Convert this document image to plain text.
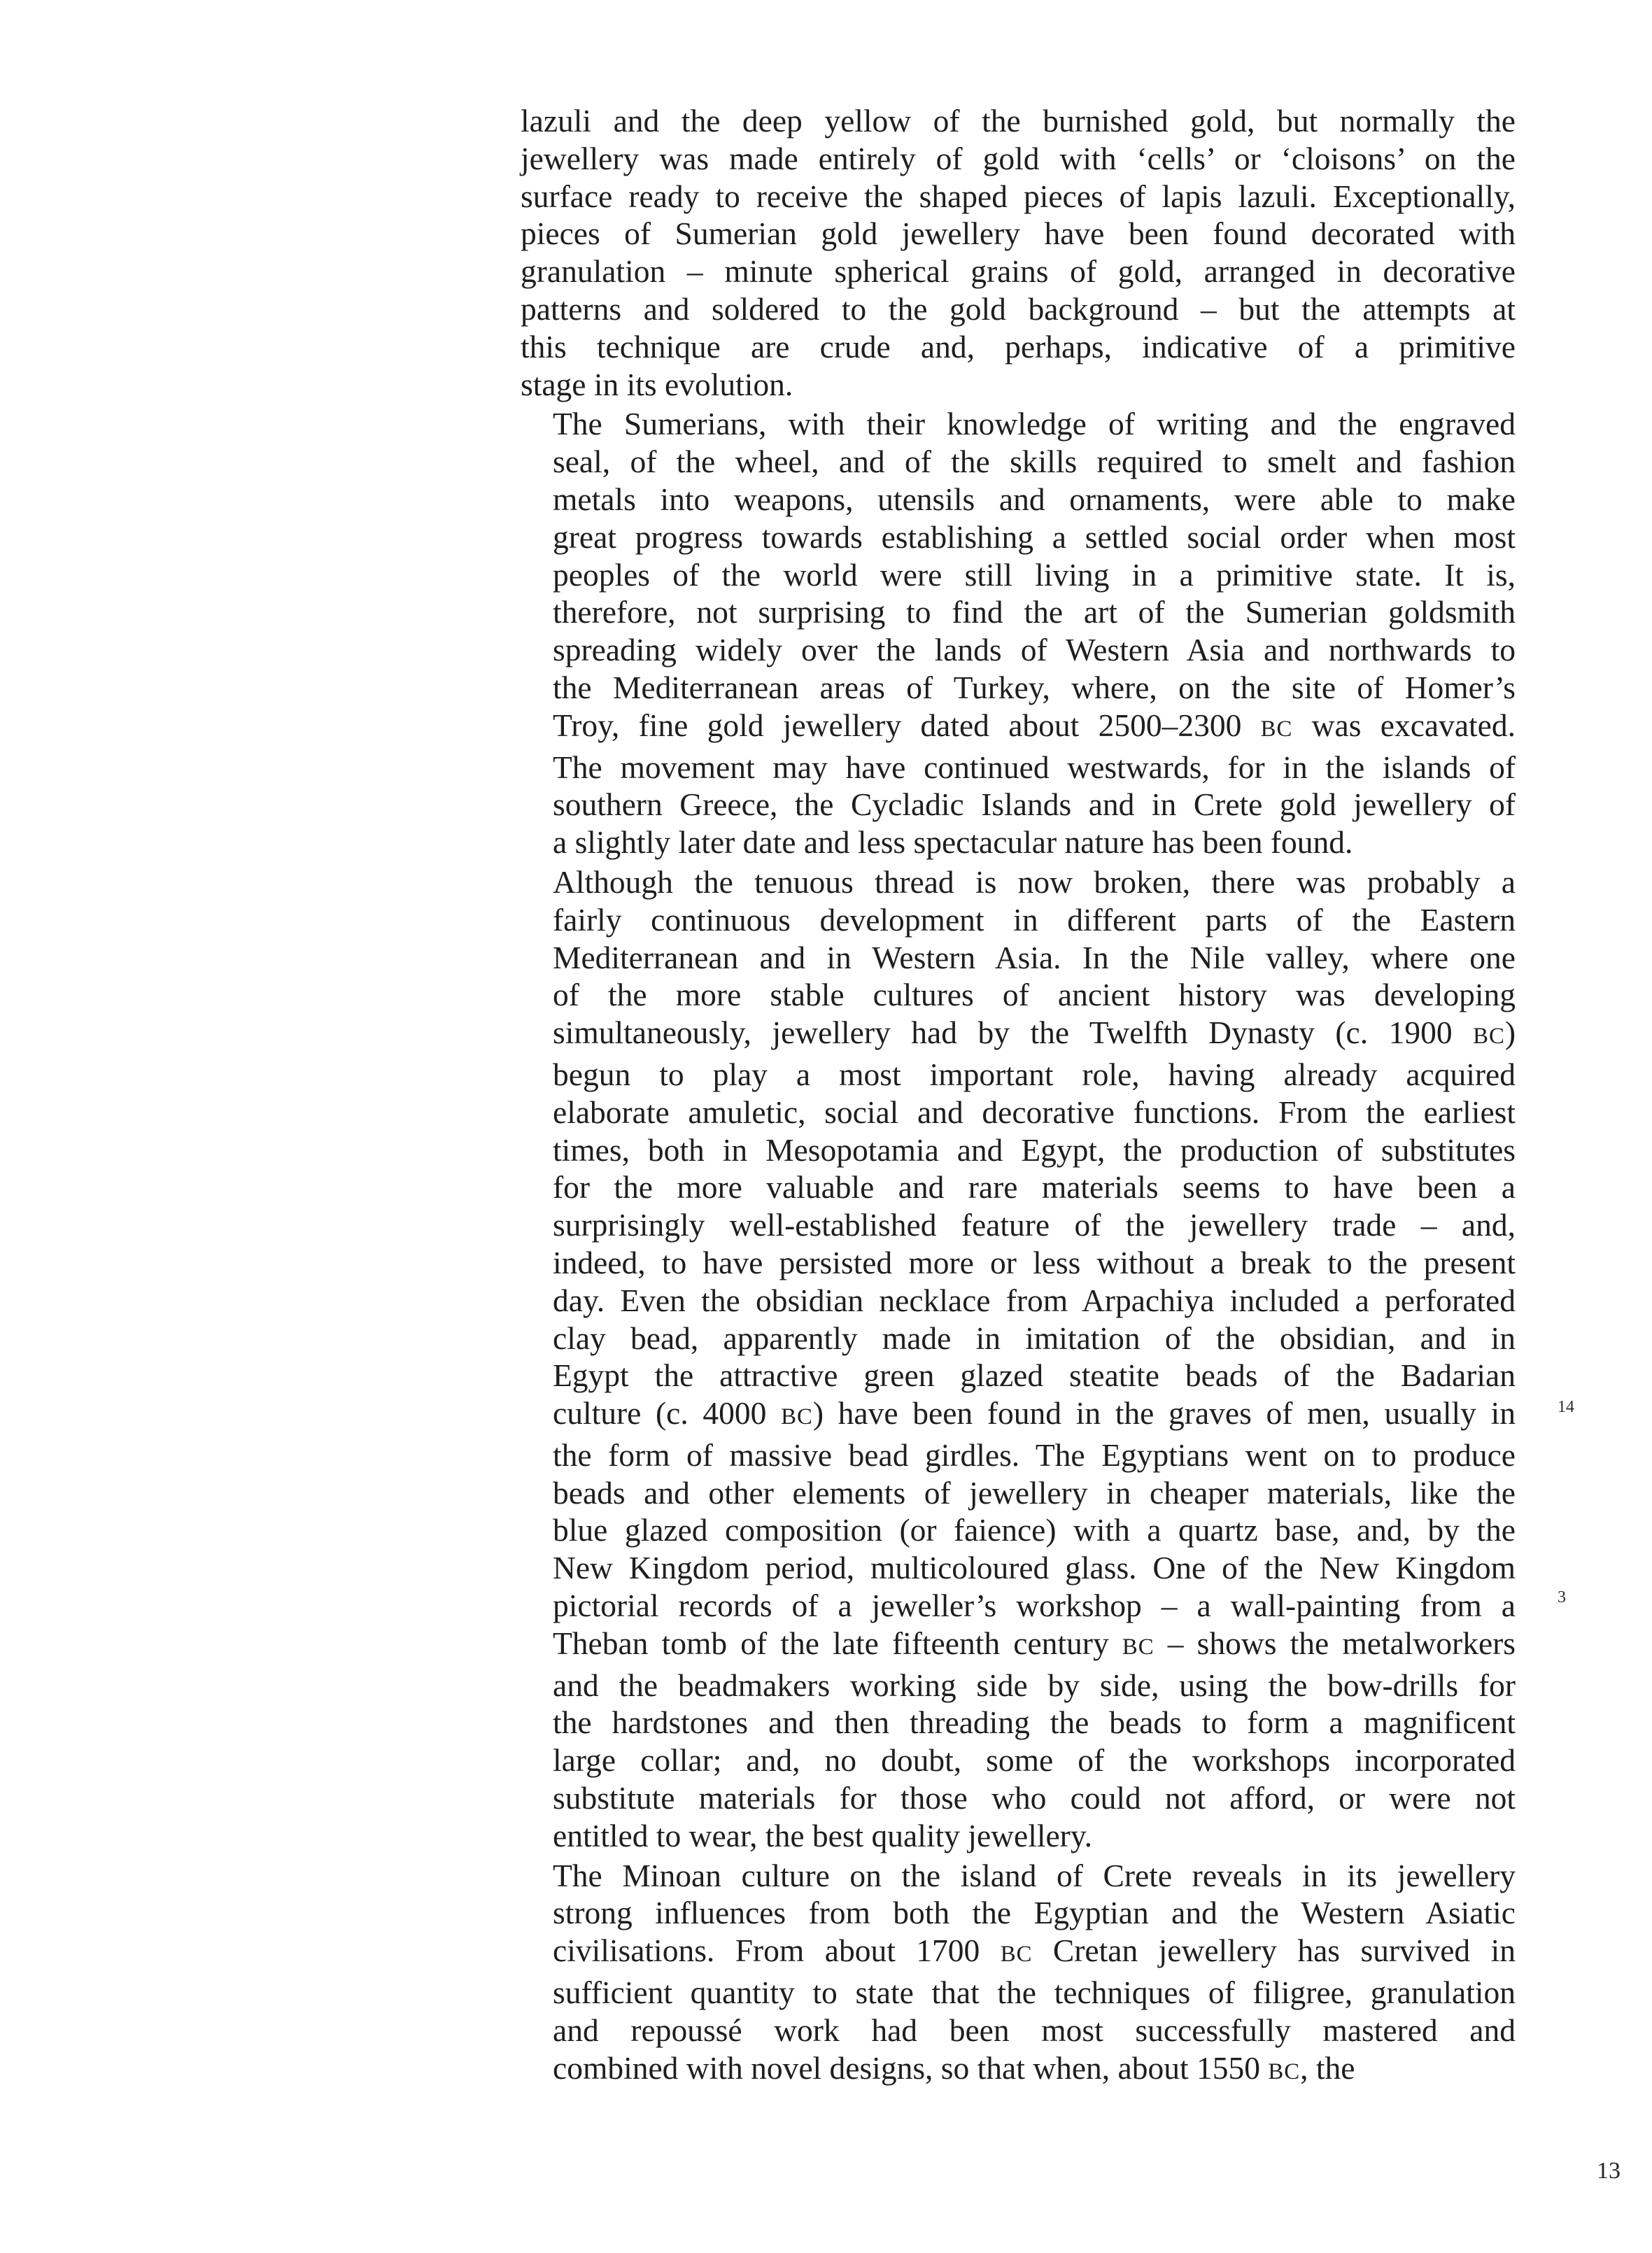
lazuli and the deep yellow of the burnished gold, but normally the
jewellery was made entirely of gold with ‘cells’ or ‘cloisons’ on the
surface ready to receive the shaped pieces of lapis lazuli. Exceptionally,
pieces of Sumerian gold jewellery have been found decorated with
granulation – minute spherical grains of gold, arranged in decorative
patterns and soldered to the gold background – but the attempts at
this technique are crude and, perhaps, indicative of a primitive
stage in its evolution.

The Sumerians, with their knowledge of writing and the engraved
seal, of the wheel, and of the skills required to smelt and fashion
metals into weapons, utensils and ornaments, were able to make
great progress towards establishing a settled social order when most
peoples of the world were still living in a primitive state. It is,
therefore, not surprising to find the art of the Sumerian goldsmith
spreading widely over the lands of Western Asia and northwards to
the Mediterranean areas of Turkey, where, on the site of Homer’s
Troy, fine gold jewellery dated about 2500–2300 BC was excavated.
The movement may have continued westwards, for in the islands of
southern Greece, the Cycladic Islands and in Crete gold jewellery of
a slightly later date and less spectacular nature has been found.

Although the tenuous thread is now broken, there was probably a
fairly continuous development in different parts of the Eastern
Mediterranean and in Western Asia. In the Nile valley, where one
of the more stable cultures of ancient history was developing
simultaneously, jewellery had by the Twelfth Dynasty (c. 1900 BC)
begun to play a most important role, having already acquired
elaborate amuletic, social and decorative functions. From the earliest
times, both in Mesopotamia and Egypt, the production of substitutes
for the more valuable and rare materials seems to have been a
surprisingly well-established feature of the jewellery trade – and,
indeed, to have persisted more or less without a break to the present
day. Even the obsidian necklace from Arpachiya included a perforated
clay bead, apparently made in imitation of the obsidian, and in
Egypt the attractive green glazed steatite beads of the Badarian
culture (c. 4000 BC) have been found in the graves of men, usually in
the form of massive bead girdles. The Egyptians went on to produce
beads and other elements of jewellery in cheaper materials, like the
blue glazed composition (or faience) with a quartz base, and, by the
New Kingdom period, multicoloured glass. One of the New Kingdom
pictorial records of a jeweller’s workshop – a wall-painting from a
Theban tomb of the late fifteenth century BC – shows the metalworkers
and the beadmakers working side by side, using the bow-drills for
the hardstones and then threading the beads to form a magnificent
large collar; and, no doubt, some of the workshops incorporated
substitute materials for those who could not afford, or were not
entitled to wear, the best quality jewellery.

The Minoan culture on the island of Crete reveals in its jewellery
strong influences from both the Egyptian and the Western Asiatic
civilisations. From about 1700 BC Cretan jewellery has survived in
sufficient quantity to state that the techniques of filigree, granulation
and repoussé work had been most successfully mastered and
combined with novel designs, so that when, about 1550 BC, the

14
3
13
